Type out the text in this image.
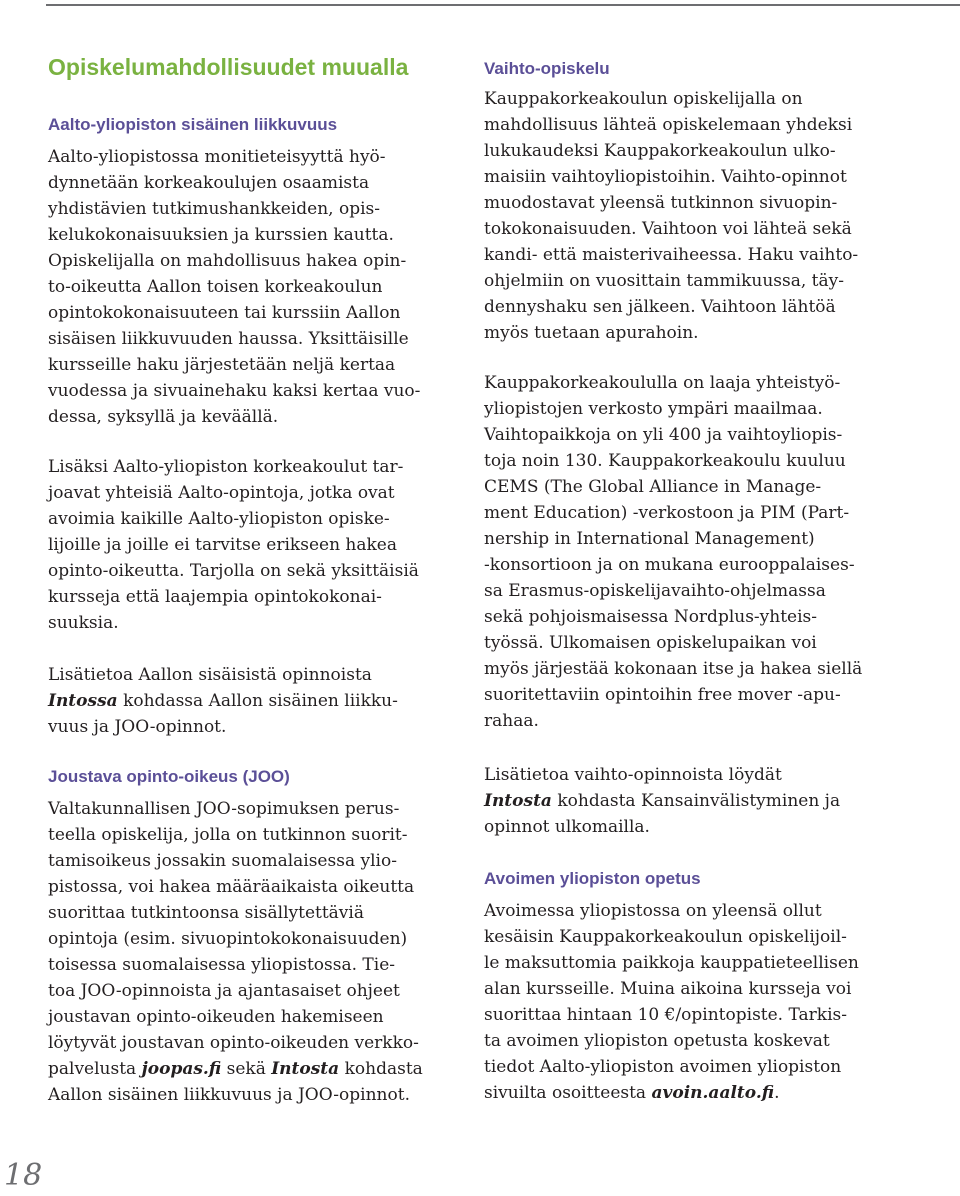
Opiskelumahdollisuudet muualla
Aalto-yliopiston sisäinen liikkuvuus
Aalto-yliopistossa monitieteisyyttä hyö-
dynnetään korkeakoulujen osaamista
yhdistävien tutkimushankkeiden, opis-
kelukokonaisuuksien ja kurssien kautta.
Opiskelijalla on mahdollisuus hakea opin-
to-oikeutta Aallon toisen korkeakoulun
opintokokonaisuuteen tai kurssiin Aallon
sisäisen liikkuvuuden haussa. Yksittäisille
kursseille haku järjestetään neljä kertaa
vuodessa ja sivuainehaku kaksi kertaa vuo-
dessa, syksyllä ja keväällä.
Lisäksi Aalto-yliopiston korkeakoulut tar-
joavat yhteisiä Aalto-opintoja, jotka ovat
avoimia kaikille Aalto-yliopiston opiske-
lijoille ja joille ei tarvitse erikseen hakea
opinto-oikeutta. Tarjolla on sekä yksittäisiä
kursseja että laajempia opintokokonai-
suuksia.
Lisätietoa Aallon sisäisistä opinnoista
Intossa kohdassa Aallon sisäinen liikku-
vuus ja JOO-opinnot.
Joustava opinto-oikeus (JOO)
Valtakunnallisen JOO-sopimuksen perus-
teella opiskelija, jolla on tutkinnon suorit-
tamisoikeus jossakin suomalaisessa ylio-
pistossa, voi hakea määräaikaista oikeutta
suorittaa tutkintoonsa sisällytettäviä
opintoja (esim. sivuopintokokonaisuuden)
toisessa suomalaisessa yliopistossa. Tie-
toa JOO-opinnoista ja ajantasaiset ohjeet
joustavan opinto-oikeuden hakemiseen
löytyvät joustavan opinto-oikeuden verkko-
palvelusta joopas.fi sekä Intosta kohdasta
Aallon sisäinen liikkuvuus ja JOO-opinnot.
Vaihto-opiskelu
Kauppakorkeakoulun opiskelijalla on
mahdollisuus lähteä opiskelemaan yhdeksi
lukukaudeksi Kauppakorkeakoulun ulko-
maisiin vaihtoyliopistoihin. Vaihto-opinnot
muodostavat yleensä tutkinnon sivuopin-
tokokonaisuuden. Vaihtoon voi lähteä sekä
kandi- että maisterivaiheessa. Haku vaihto-
ohjelmiin on vuosittain tammikuussa, täy-
dennyshaku sen jälkeen. Vaihtoon lähtöä
myös tuetaan apurahoin.
Kauppakorkeakoululla on laaja yhteistyö-
yliopistojen verkosto ympäri maailmaa.
Vaihtopaikkoja on yli 400 ja vaihtoyliopis-
toja noin 130. Kauppakorkeakoulu kuuluu
CEMS (The Global Alliance in Manage-
ment Education) -verkostoon ja PIM (Part-
nership in International Management)
-konsortioon ja on mukana eurooppalaises-
sa Erasmus-opiskelijavaihto-ohjelmassa
sekä pohjoismaisessa Nordplus-yhteis-
työssä. Ulkomaisen opiskelupaikan voi
myös järjestää kokonaan itse ja hakea siellä
suoritettaviin opintoihin free mover -apu-
rahaa.
Lisätietoa vaihto-opinnoista löydät
Intosta kohdasta Kansainvälistyminen ja
opinnot ulkomailla.
Avoimen yliopiston opetus
Avoimessa yliopistossa on yleensä ollut
kesäisin Kauppakorkeakoulun opiskelijoil-
le maksuttomia paikkoja kauppatieteellisen
alan kursseille. Muina aikoina kursseja voi
suorittaa hintaan 10 €/opintopiste. Tarkis-
ta avoimen yliopiston opetusta koskevat
tiedot Aalto-yliopiston avoimen yliopiston
sivuilta osoitteesta avoin.aalto.fi.
18
